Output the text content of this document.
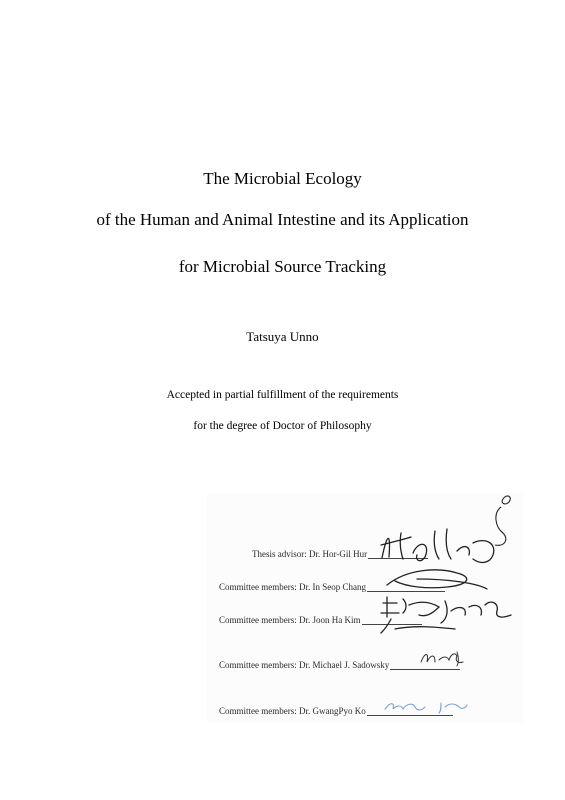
The Microbial Ecology
of the Human and Animal Intestine and its Application
for Microbial Source Tracking
Tatsuya Unno
Accepted in partial fulfillment of the requirements
for the degree of Doctor of Philosophy
Thesis advisor: Dr. Hor-Gil Hur
Committee members: Dr. In Seop Chang
Committee members: Dr. Joon Ha Kim
Committee members: Dr. Michael J. Sadowsky
Committee members: Dr. GwangPyo Ko
